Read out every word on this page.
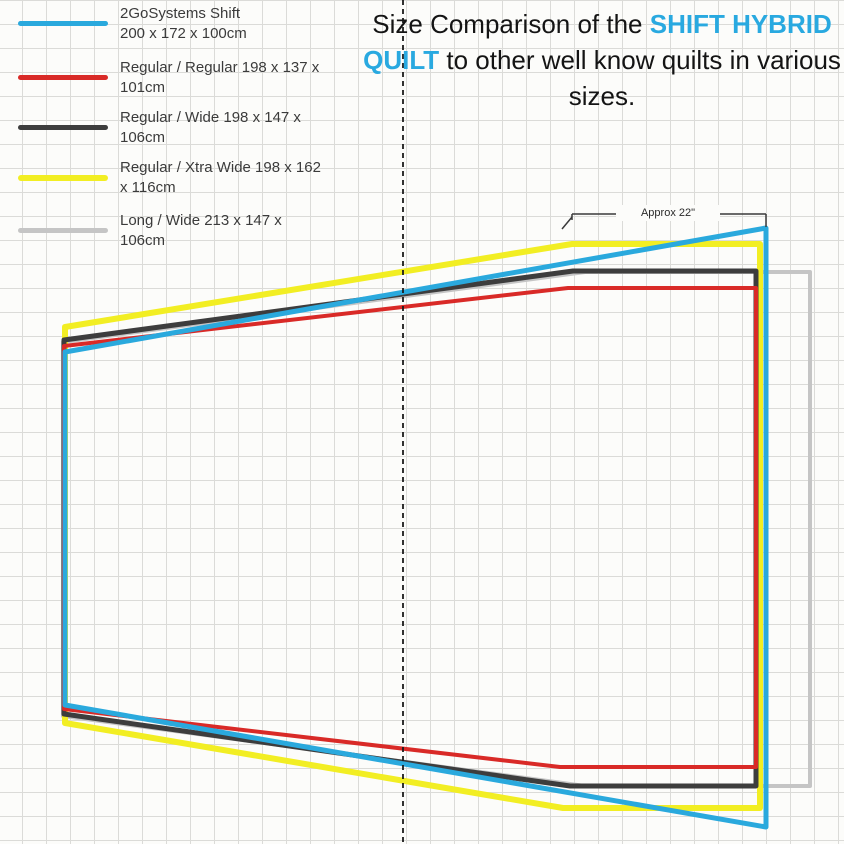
Size Comparison of the SHIFT HYBRID QUILT to other well know quilts in various sizes.
2GoSystems Shift
200 x 172 x 100cm
Regular / Regular 198 x 137 x
101cm
Regular / Wide 198 x 147 x
106cm
Regular / Xtra Wide 198 x 162
x 116cm
Long / Wide 213 x 147 x
106cm
Approx 22"
